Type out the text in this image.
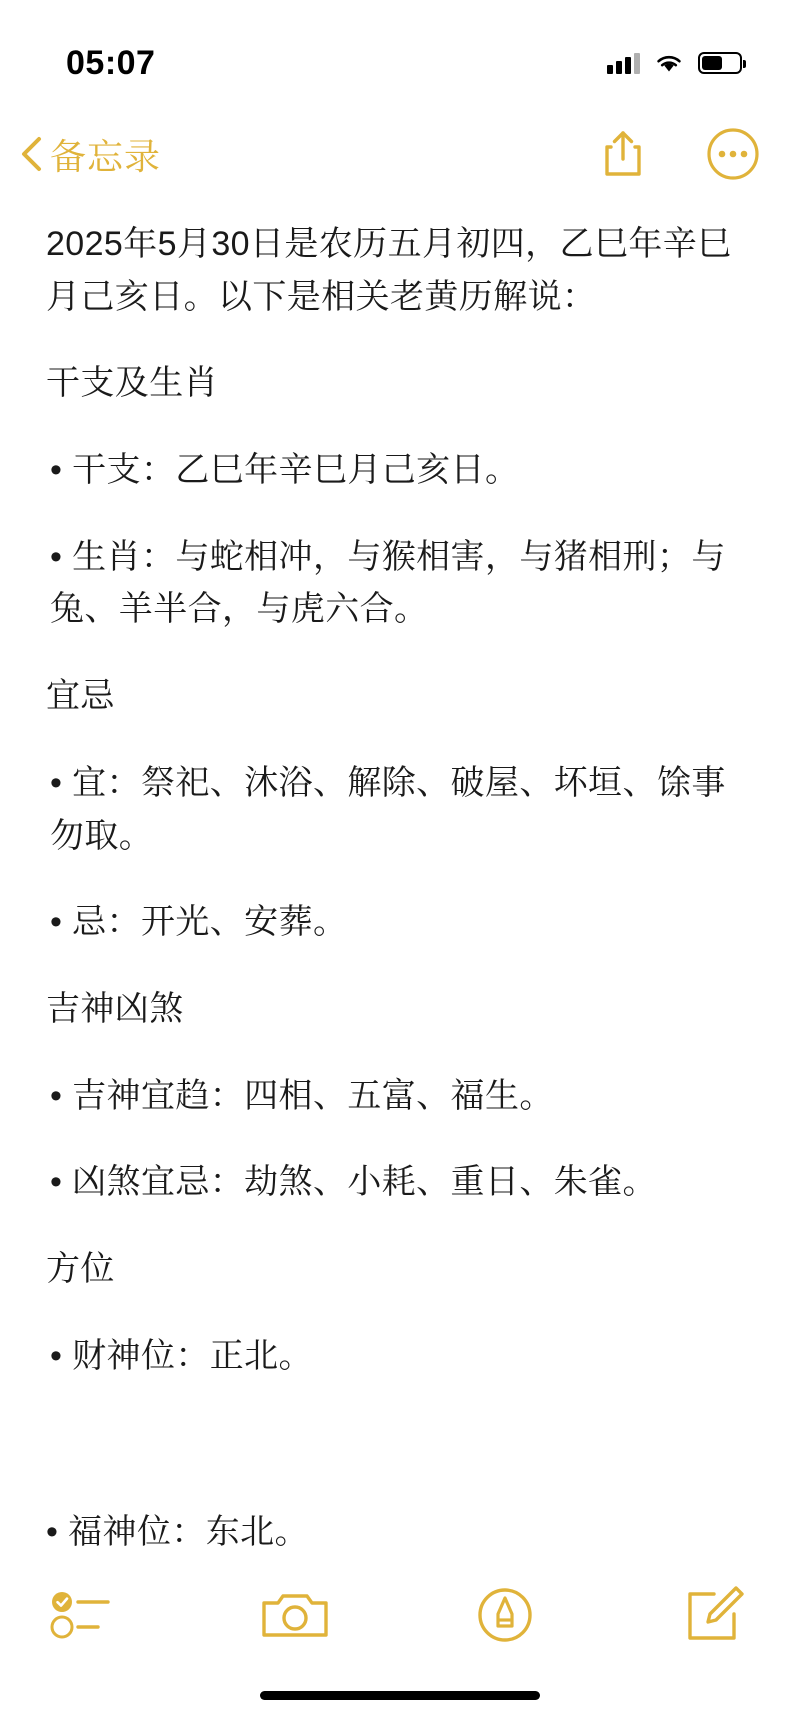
05:07
备忘录

2025年5月30日是农历五月初四，乙巳年辛巳月己亥日。以下是相关老黄历解说：

干支及生肖

• 干支：乙巳年辛巳月己亥日。

• 生肖：与蛇相冲，与猴相害，与猪相刑；与兔、羊半合，与虎六合。

宜忌

• 宜：祭祀、沐浴、解除、破屋、坏垣、馀事勿取。

• 忌：开光、安葬。

吉神凶煞

• 吉神宜趋：四相、五富、福生。

• 凶煞宜忌：劫煞、小耗、重日、朱雀。

方位

• 财神位：正北。

• 福神位：东北。
